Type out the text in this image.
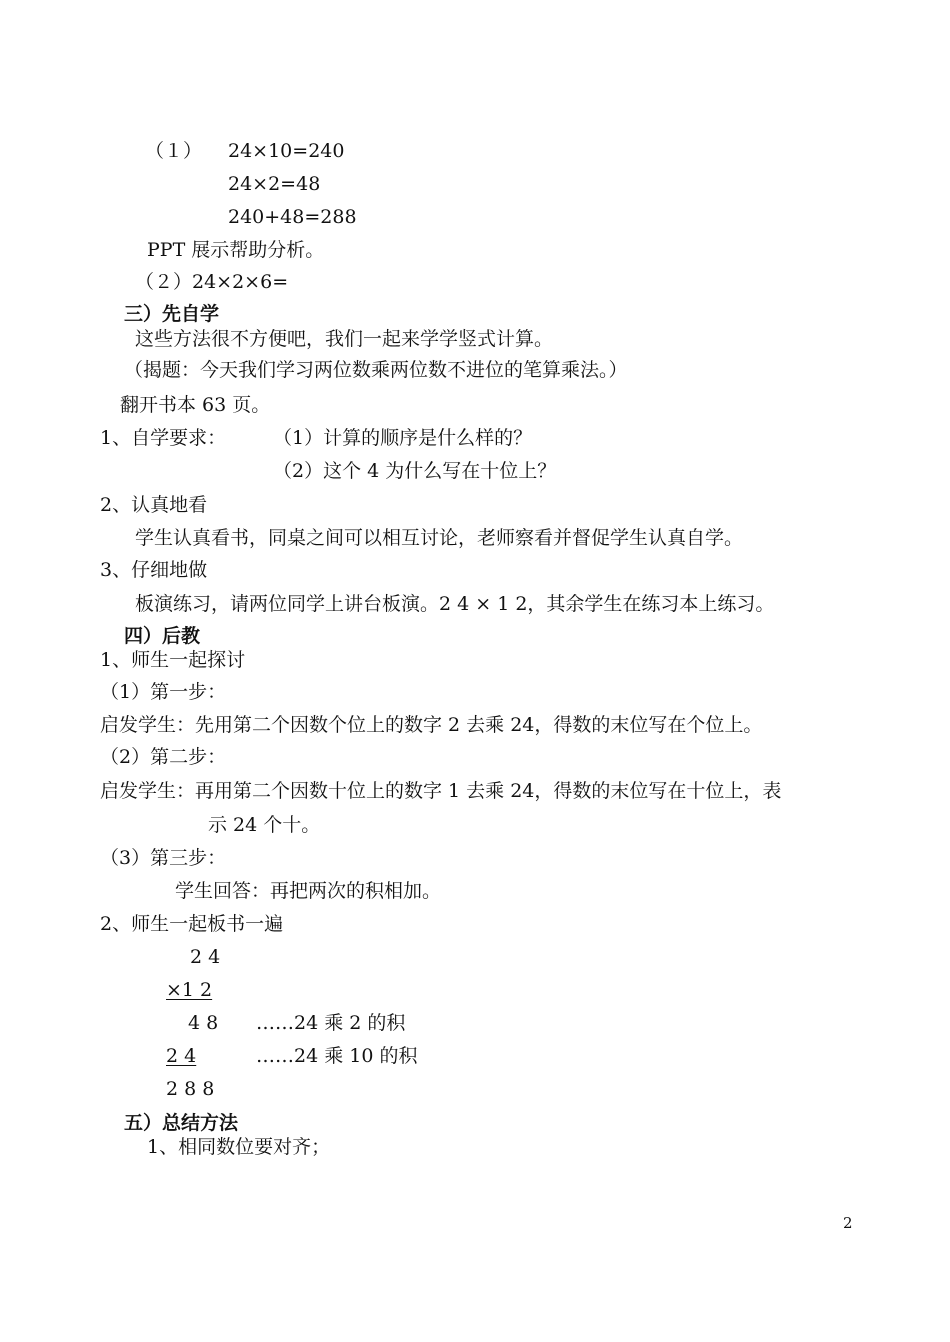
（１） 24×10=240
24×2=48
240+48=288
PPT 展示帮助分析。
（２）24×2×6=
三）先自学
这些方法很不方便吧，我们一起来学学竖式计算。
（揭题：今天我们学习两位数乘两位数不进位的笔算乘法。）
翻开书本 63 页。
1、自学要求： （1）计算的顺序是什么样的？
（2）这个 4 为什么写在十位上？
2、认真地看
学生认真看书，同桌之间可以相互讨论，老师察看并督促学生认真自学。
3、仔细地做
板演练习，请两位同学上讲台板演。2 4 × 1 2，其余学生在练习本上练习。
四）后教
1、师生一起探讨
（1）第一步：
启发学生：先用第二个因数个位上的数字 2 去乘 24，得数的末位写在个位上。
（2）第二步：
启发学生：再用第二个因数十位上的数字 1 去乘 24，得数的末位写在十位上，表
示 24 个十。
（3）第三步：
学生回答：再把两次的积相加。
2、师生一起板书一遍
2 4
×1 2
4 8 ……24 乘 2 的积
2 4	……24 乘 10 的积
2 8 8
五）总结方法
1、相同数位要对齐；
2
